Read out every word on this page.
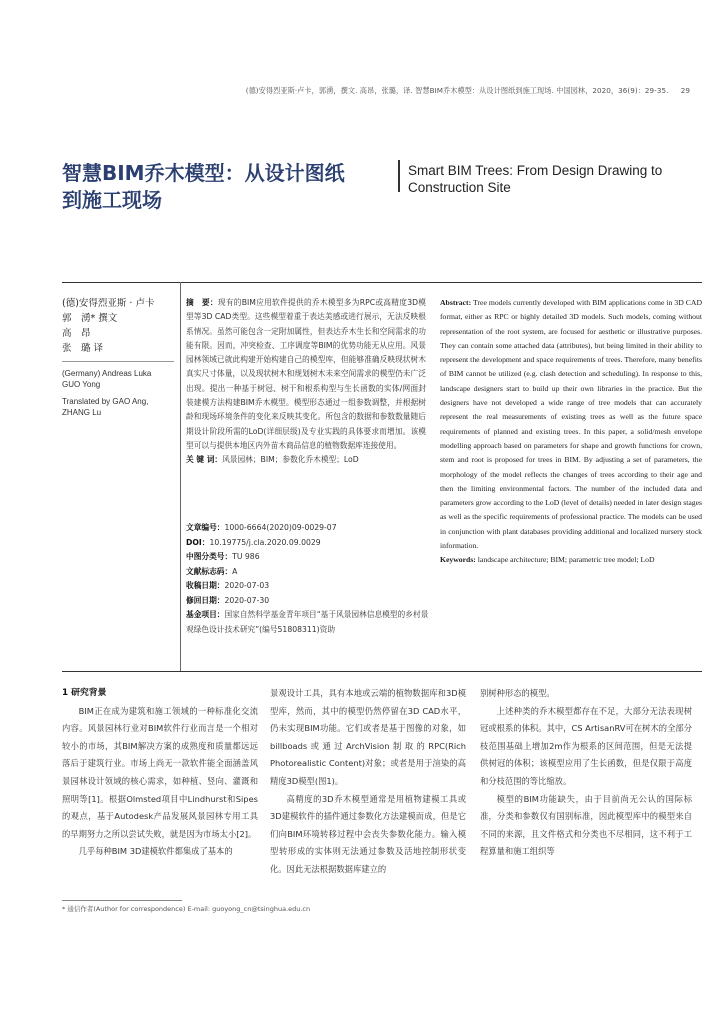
(德)安得烈亚斯·卢卡，郭湧，撰文. 高昂，张璐，译. 智慧BIM乔木模型：从设计图纸到施工现场. 中国园林，2020，36(9)：29-35. 29
智慧BIM乔木模型：从设计图纸到施工现场
Smart BIM Trees: From Design Drawing to Construction Site
(德)安得烈亚斯 · 卢卡
郭　湧* 撰文
高　昂
张　璐 译
(Germany) Andreas Luka
GUO Yong
Translated by GAO Ang,
ZHANG Lu
摘　要：现有的BIM应用软件提供的乔木模型多为RPC或高精度3D模型等3D CAD类型。这些模型着重于表达美感或进行展示，无法反映根系情况。虽然可能包含一定附加属性，但表达乔木生长和空间需求的功能有限。因而，冲突检查、工序调度等BIM的优势功能无从应用。风景园林领域已就此构建开始构建自己的模型库，但能够准确反映现状树木真实尺寸体量，以及现状树木和规划树木未来空间需求的模型仍未广泛出现。提出一种基于树冠、树干和根系构型与生长函数的实体/网面封装建模方法构建BIM乔木模型。模型形态通过一组参数调整，并根据树龄和现场环境条件的变化来反映其变化。所包含的数据和参数数量随后期设计阶段所需的LoD(详细层级)及专业实践的具体要求而增加。该模型可以与提供本地区内外苗木商品信息的植物数据库连接使用。
关 键 词：风景园林；BIM；参数化乔木模型；LoD
文章编号：1000-6664(2020)09-0029-07
DOI：10.19775/j.cla.2020.09.0029
中图分类号：TU 986
文献标志码：A
收稿日期：2020-07-03
修回日期：2020-07-30
基金项目：国家自然科学基金青年项目“基于风景园林信息模型的乡村景观绿色设计技术研究”(编号51808311)资助
Abstract: Tree models currently developed with BIM applications come in 3D CAD format, either as RPC or highly detailed 3D models. Such models, coming without representation of the root system, are focused for aesthetic or illustrative purposes. They can contain some attached data (attributes), but being limited in their ability to represent the development and space requirements of trees. Therefore, many benefits of BIM cannot be utilized (e.g. clash detection and scheduling). In response to this, landscape designers start to build up their own libraries in the practice. But the designers have not developed a wide range of tree models that can accurately represent the real measurements of existing trees as well as the future space requirements of planned and existing trees. In this paper, a solid/mesh envelope modelling approach based on parameters for shape and growth functions for crown, stem and root is proposed for trees in BIM. By adjusting a set of parameters, the morphology of the model reflects the changes of trees according to their age and then the limiting environmental factors. The number of the included data and parameters grow according to the LoD (level of details) needed in later design stages as well as the specific requirements of professional practice. The models can be used in conjunction with plant databases providing additional and localized nursery stock information.
Keywords: landscape architecture; BIM; parametric tree model; LoD

1 研究背景

BIM正在成为建筑和施工领域的一种标准化交流内容。风景园林行业对BIM软件行业而言是一个相对较小的市场，其BIM解决方案的成熟度和质量都远远落后于建筑行业。市场上尚无一款软件能全面涵盖风景园林设计领域的核心需求，如种植、竖向、灌溉和照明等[1]。根据Olmsted项目中Lindhurst和Sipes的观点，基于Autodesk产品发展风景园林专用工具的早期努力之所以尝试失败，就是因为市场太小[2]。

几乎每种BIM 3D建模软件都集成了基本的

景观设计工具，具有本地或云端的植物数据库和3D模型库，然而，其中的模型仍然停留在3D CAD水平，仍未实现BIM功能。它们或者是基于图像的对象，如billboads或通过ArchVision制取的RPC(Rich Photorealistic Content)对象；或者是用于渲染的高精度3D模型(图1)。

高精度的3D乔木模型通常是用植物建模工具或3D建模软件的插件通过参数化方法建模而成，但是它们向BIM环境转移过程中会丧失参数化能力。输入模型转形成的实体则无法通过参数及活地控制形状变化。因此无法根据数据库建立的

别树种形态的模型。

上述种类的乔木模型都存在不足，大部分无法表现树冠或根系的体积。其中，CS ArtisanRV可在树木的全部分枝范围基础上增加2m作为根系的区间范围，但是无法提供树冠的体积；该模型应用了生长函数，但是仅限于高度和分枝范围的等比缩放。

模型的BIM功能缺失，由于目前尚无公认的国际标准，分类和参数仅有国别标准，因此模型库中的模型来自不同的来源，且文件格式和分类也不尽相同，这不利于工程算量和施工组织等

* 通信作者(Author for correspondence) E-mail: guoyong_cn@tsinghua.edu.cn
